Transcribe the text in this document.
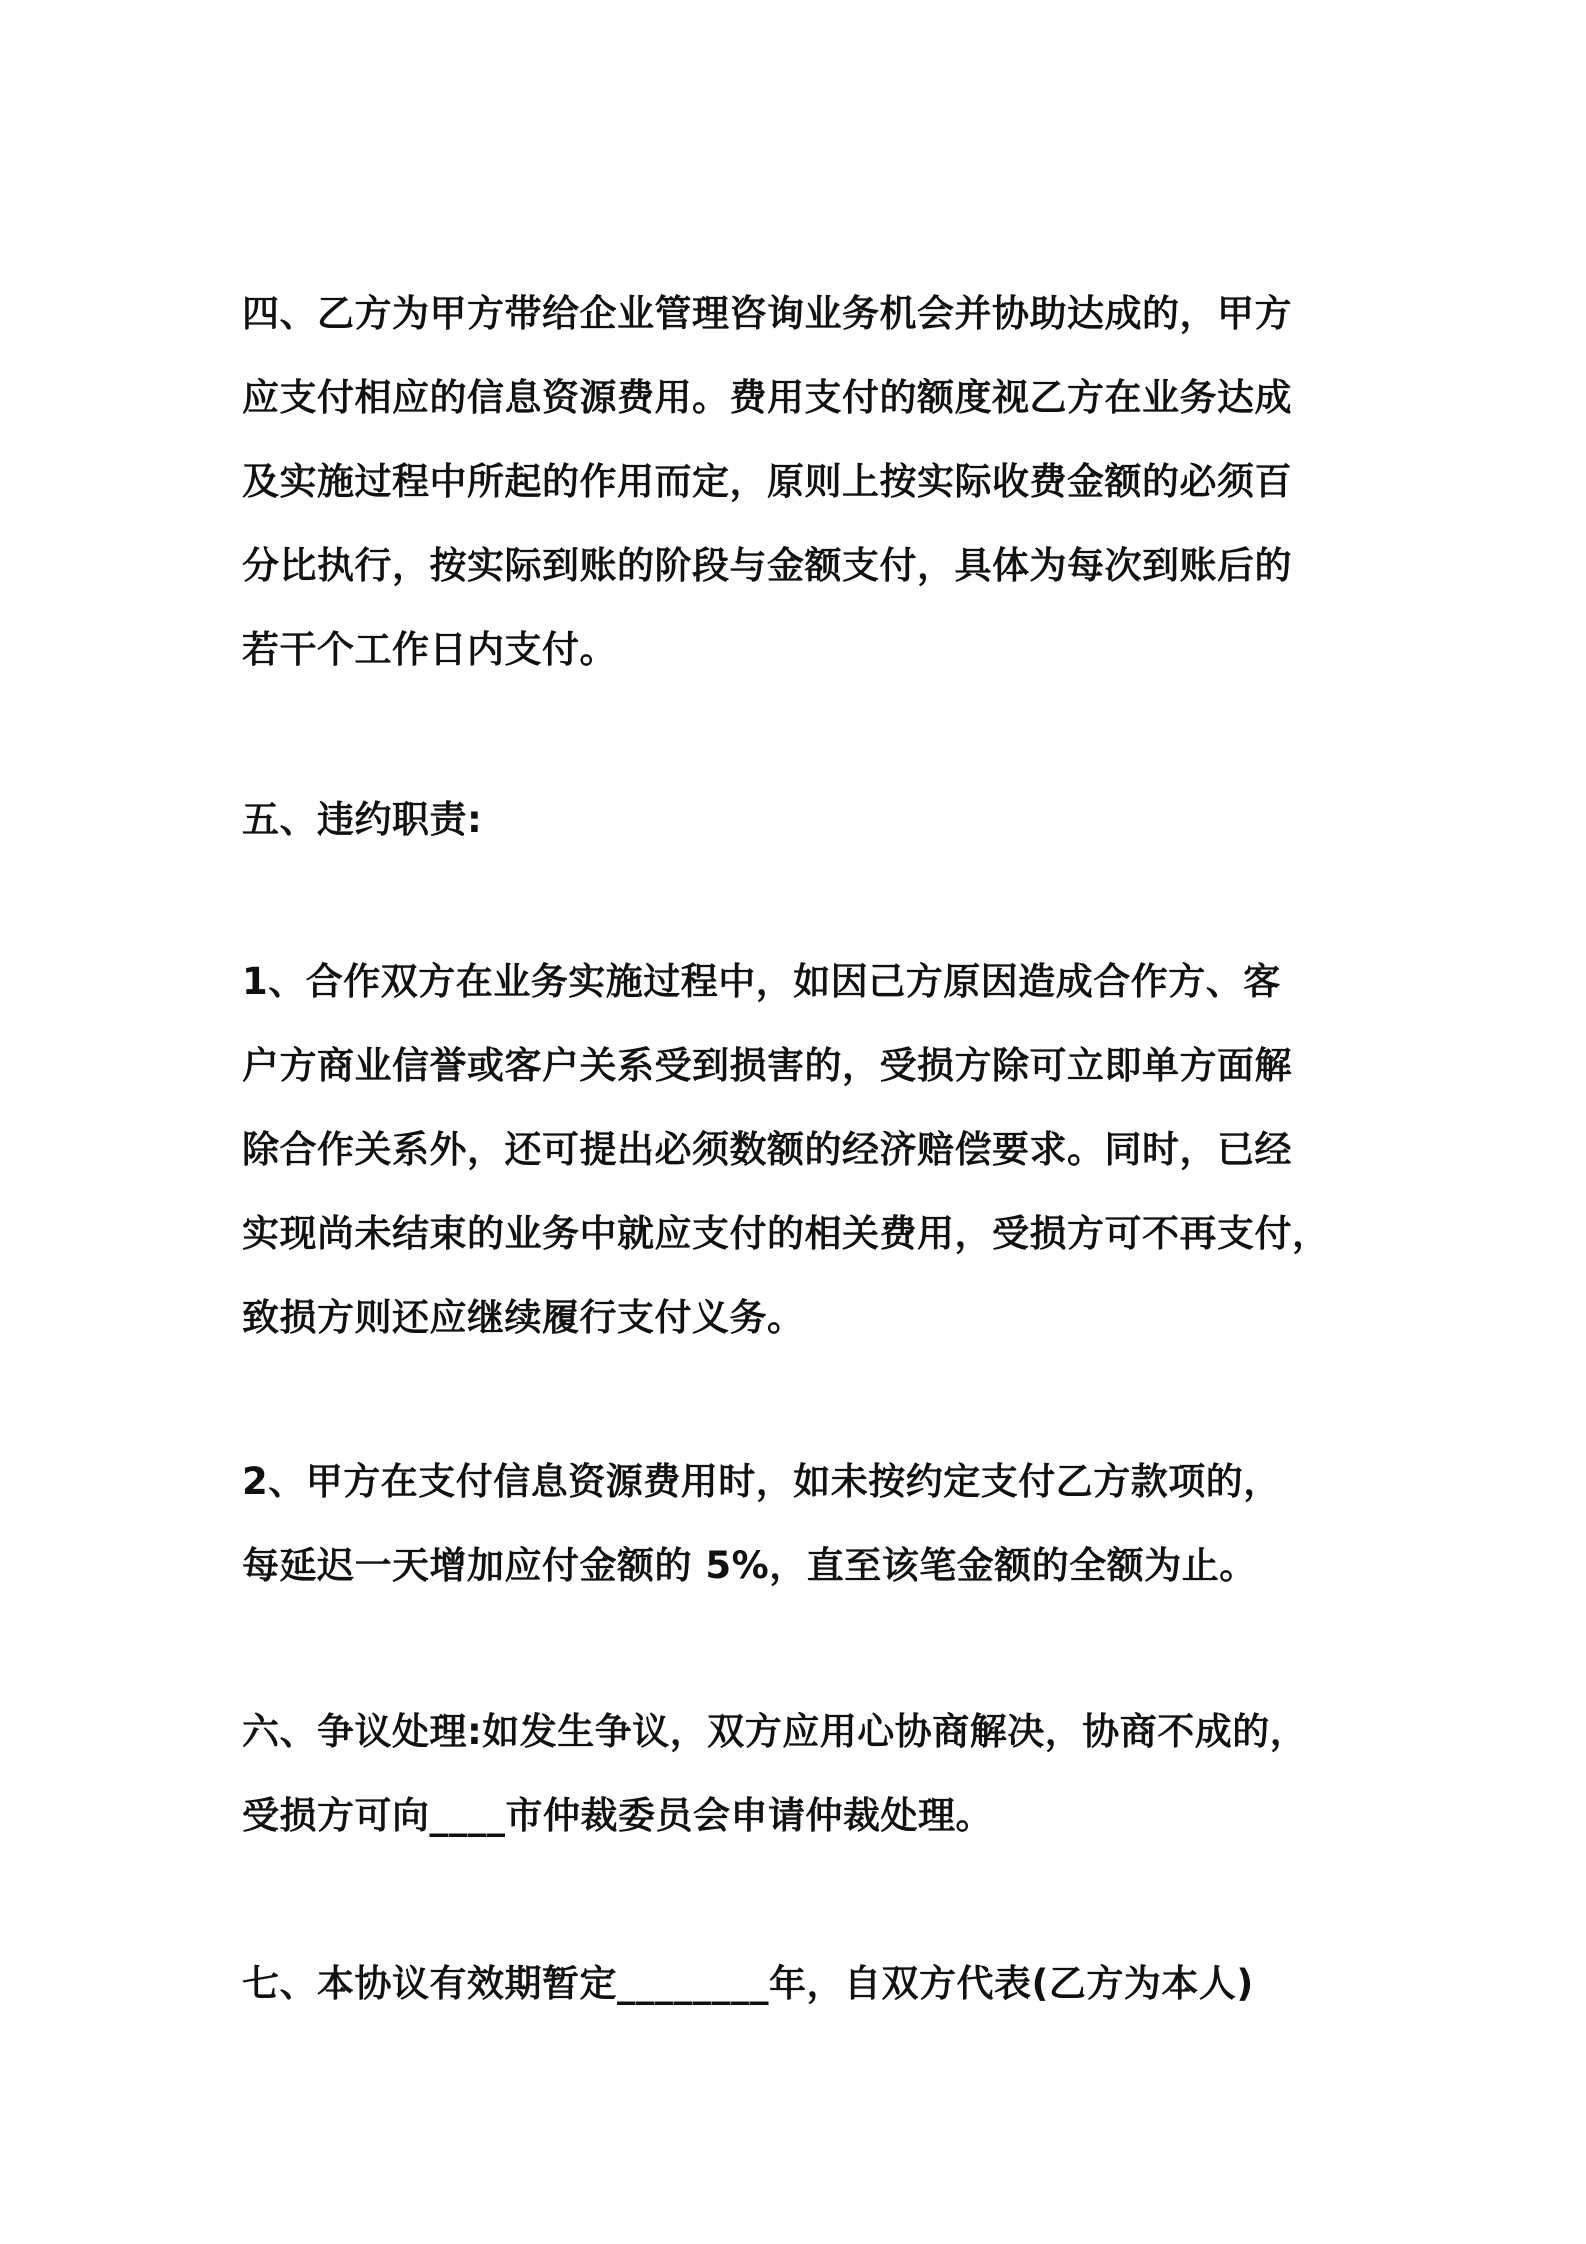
四、乙方为甲方带给企业管理咨询业务机会并协助达成的，甲方
应支付相应的信息资源费用。费用支付的额度视乙方在业务达成
及实施过程中所起的作用而定，原则上按实际收费金额的必须百
分比执行，按实际到账的阶段与金额支付，具体为每次到账后的
若干个工作日内支付。

五、违约职责:

1、合作双方在业务实施过程中，如因己方原因造成合作方、客
户方商业信誉或客户关系受到损害的，受损方除可立即单方面解
除合作关系外，还可提出必须数额的经济赔偿要求。同时，已经
实现尚未结束的业务中就应支付的相关费用，受损方可不再支付，
致损方则还应继续履行支付义务。

2、甲方在支付信息资源费用时，如未按约定支付乙方款项的，
每延迟一天增加应付金额的 5%，直至该笔金额的全额为止。

六、争议处理:如发生争议，双方应用心协商解决，协商不成的，
受损方可向____市仲裁委员会申请仲裁处理。

七、本协议有效期暂定________年，自双方代表(乙方为本人)
